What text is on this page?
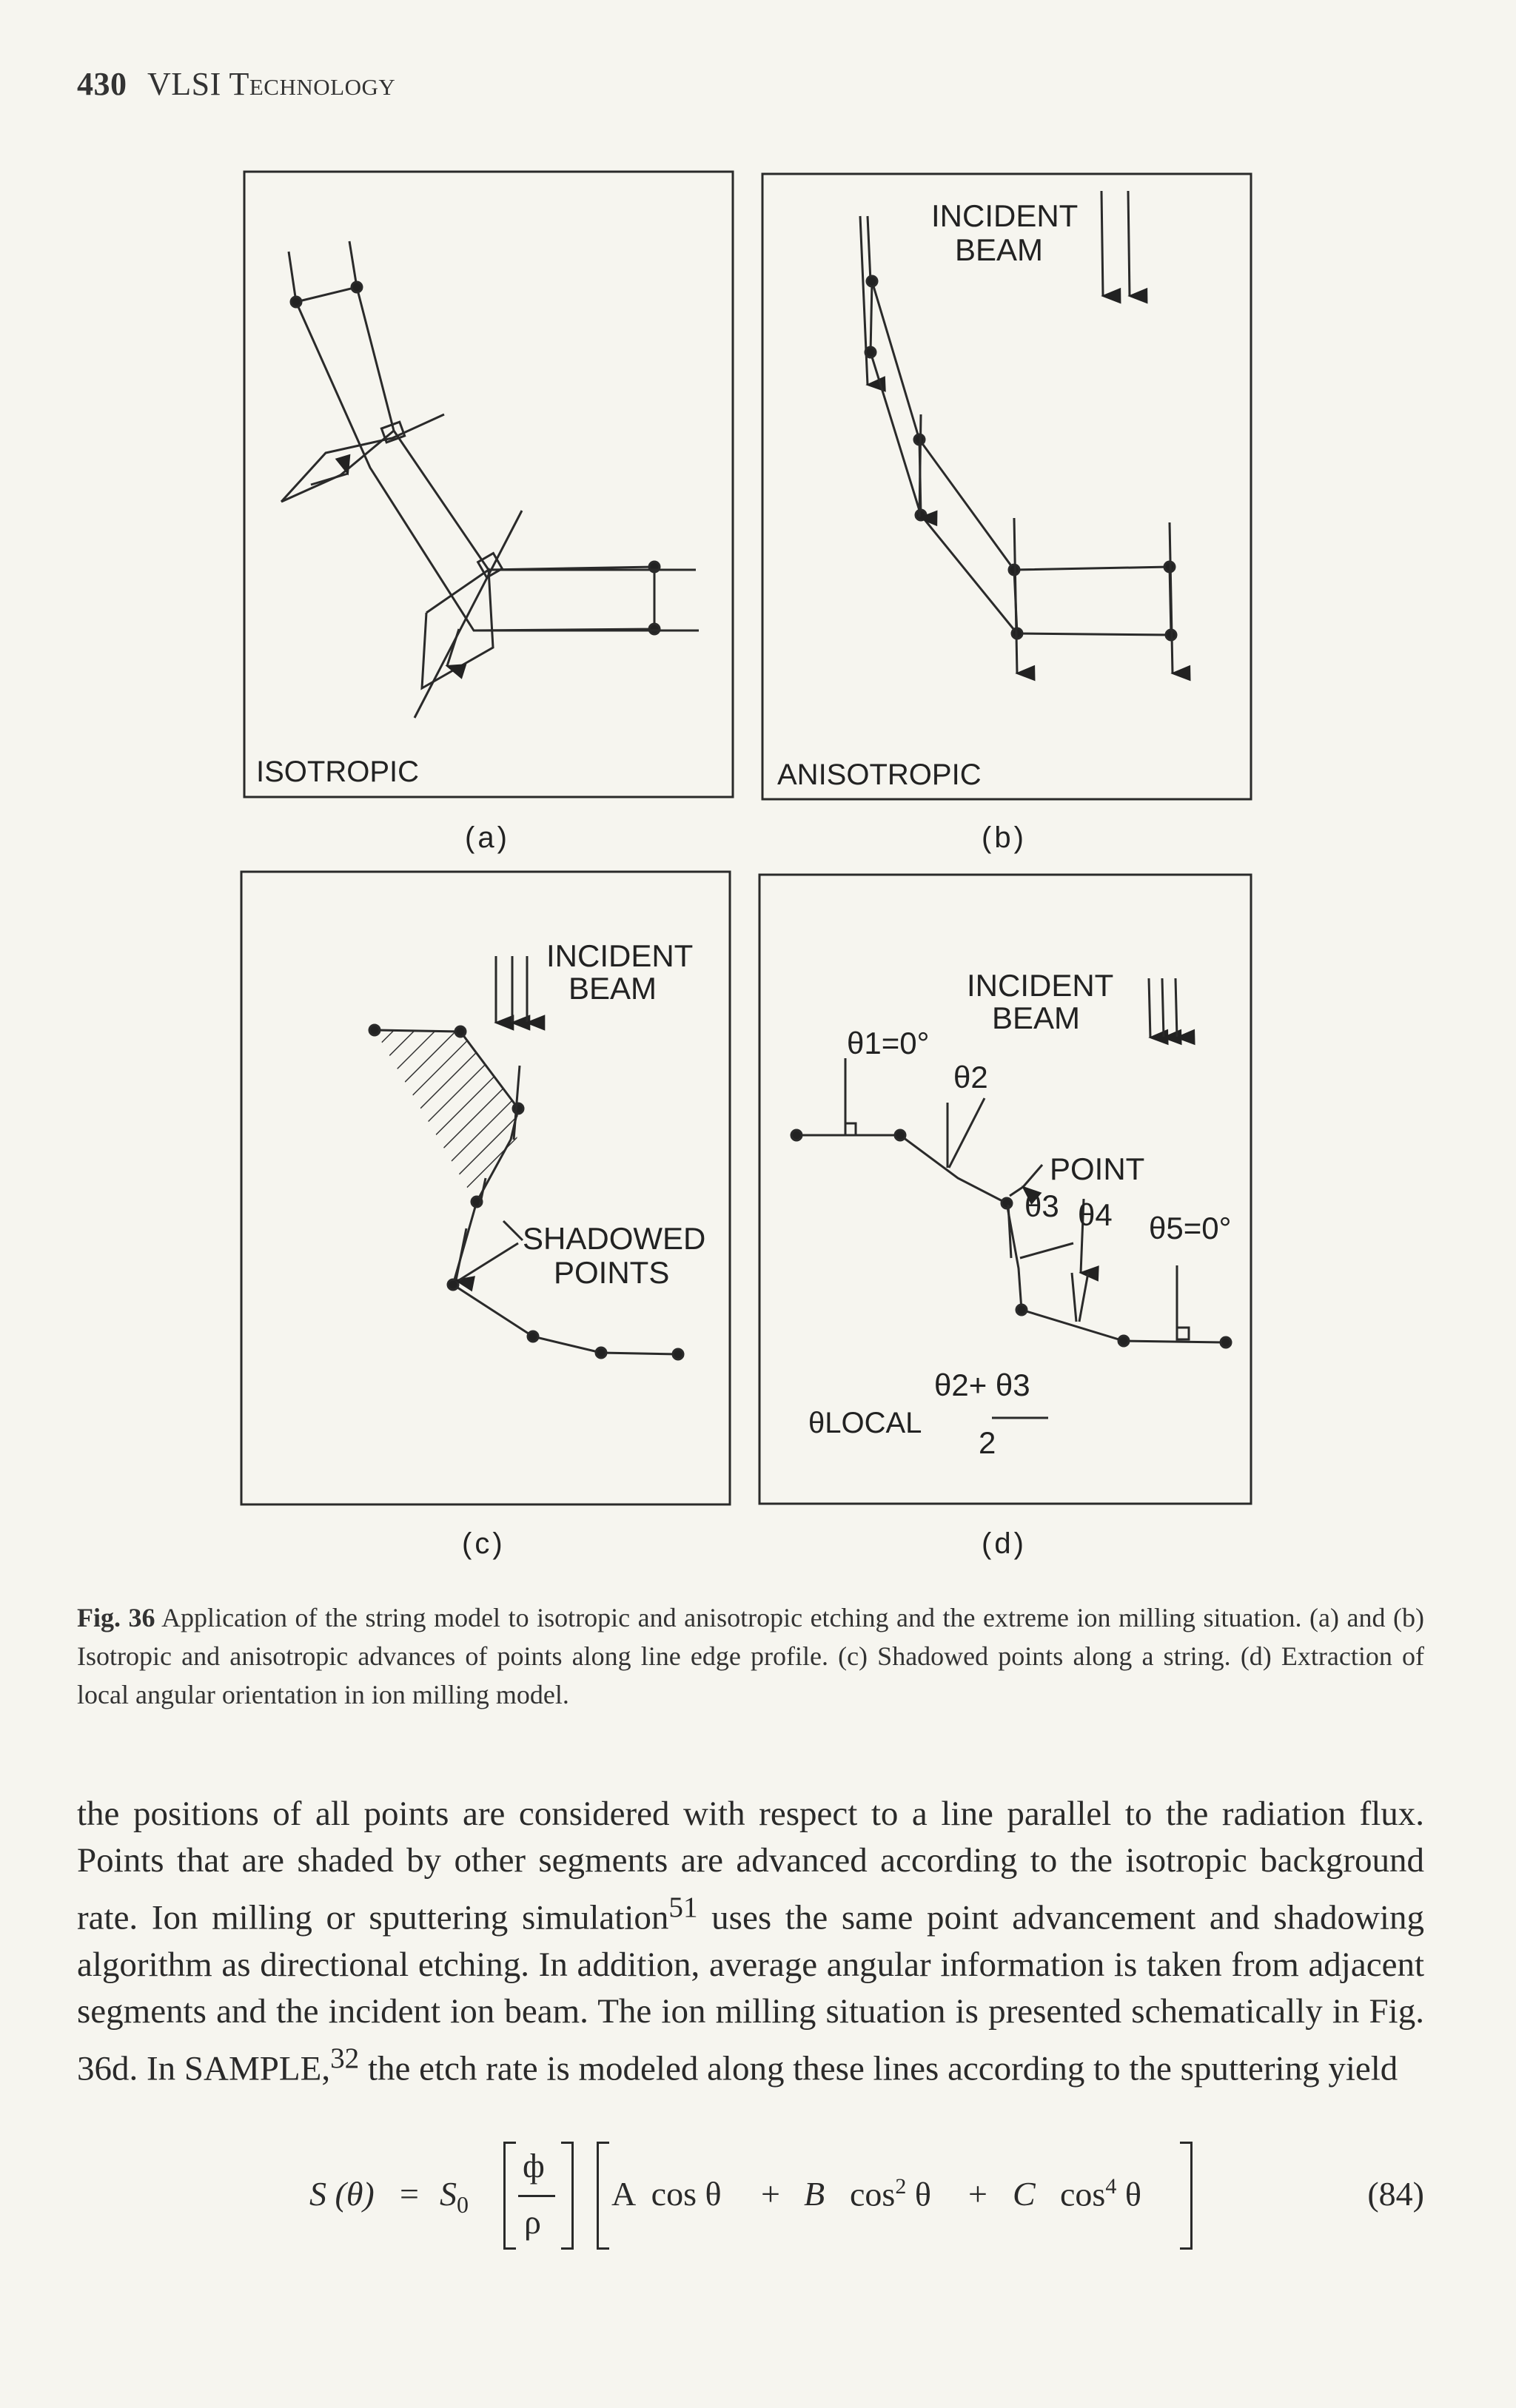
430 VLSI Technology
ISOTROPIC
INCIDENT
BEAM
ANISOTROPIC
INCIDENT
BEAM
SHADOWED
POINTS
INCIDENT
BEAM
θ1=0°
θ2
POINT
θ3 θ4 θ5=0°
θLOCAL
θ2+ θ3
2
(a)	(b)
(c)	(d)
Fig. 36 Application of the string model to isotropic and anisotropic etching and the extreme ion milling situation. (a) and (b) Isotropic and anisotropic advances of points along line edge profile. (c) Shadowed points along a string. (d) Extraction of local angular orientation in ion milling model.
the positions of all points are considered with respect to a line parallel to the radiation flux. Points that are shaded by other segments are advanced according to the isotropic background rate. Ion milling or sputtering simulation$^{51}$ uses the same point advancement and shadowing algorithm as directional etching. In addition, average angular information is taken from adjacent segments and the incident ion beam. The ion milling situation is presented schematically in Fig. 36d. In SAMPLE,$^{32}$ the etch rate is modeled along these lines according to the sputtering yield
S $(\theta) = S_0$
ф
ρ
A  cos θ + B $\cos^2 \theta + C$ $\cos^4 \theta$	(84)
